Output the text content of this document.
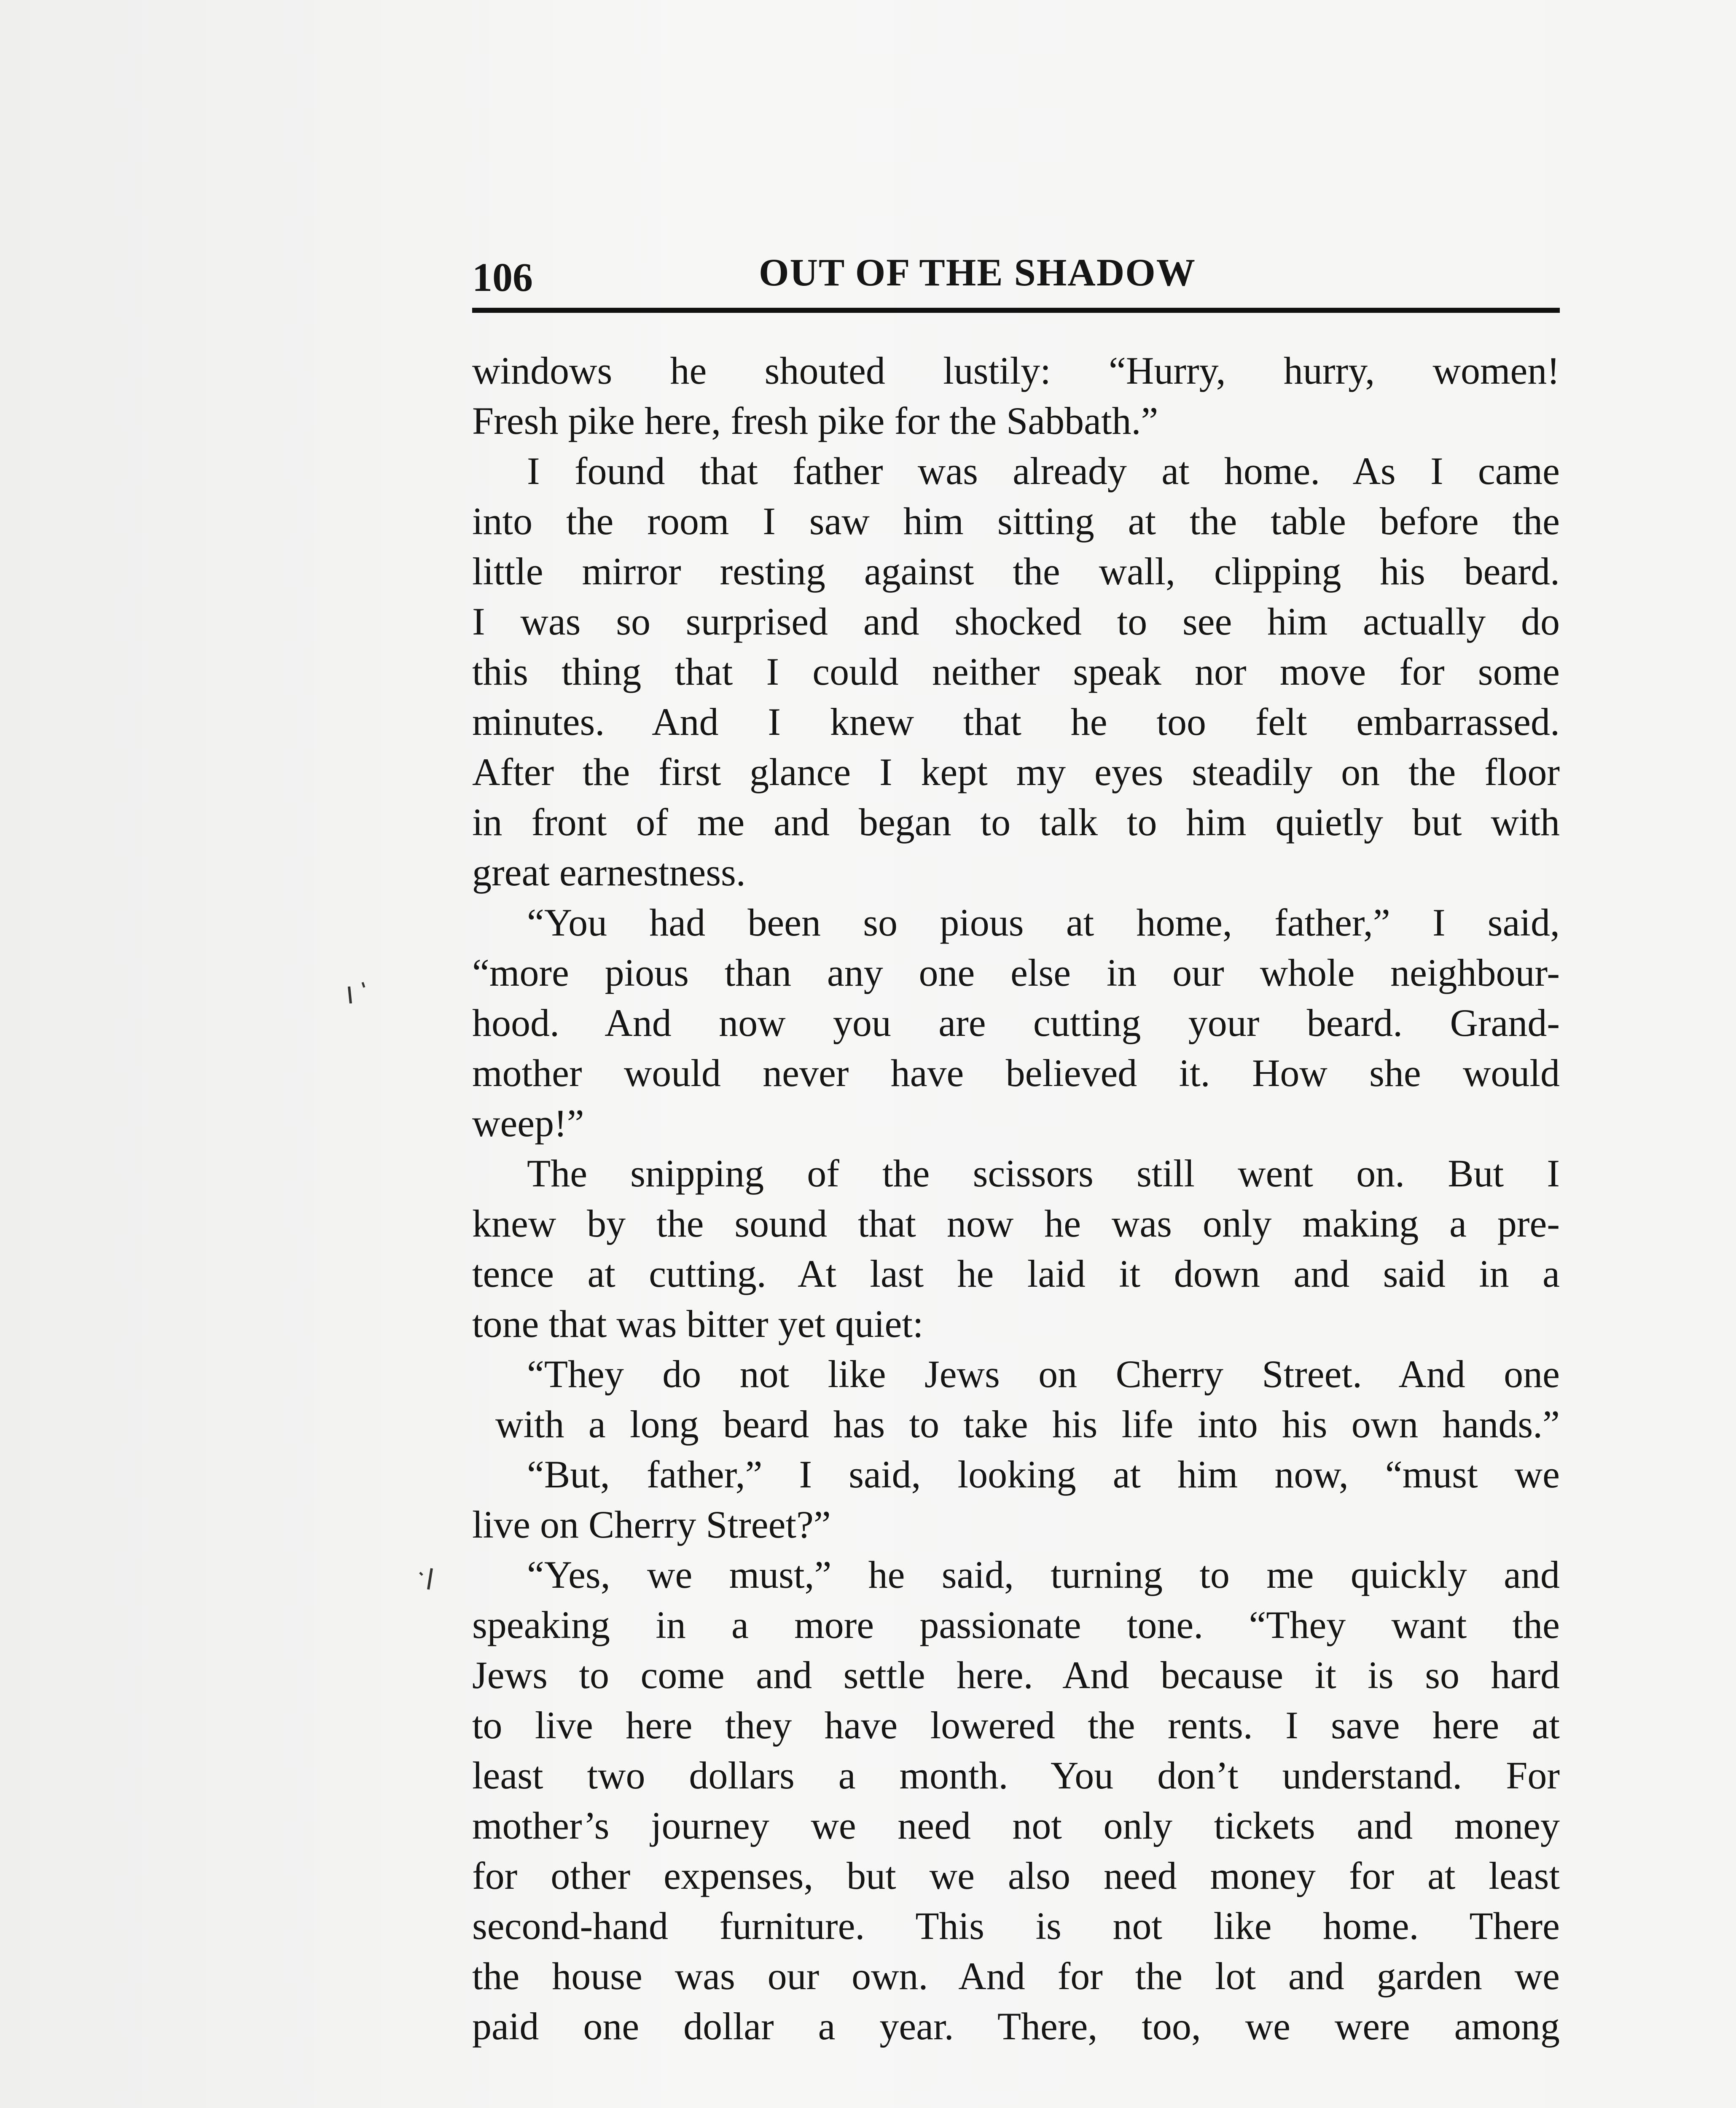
106	OUT OF THE SHADOW
windows he shouted lustily: “Hurry, hurry, women!
Fresh pike here, fresh pike for the Sabbath.”
I found that father was already at home. As I came
into the room I saw him sitting at the table before the
little mirror resting against the wall, clipping his beard.
I was so surprised and shocked to see him actually do
this thing that I could neither speak nor move for some
minutes. And I knew that he too felt embarrassed.
After the first glance I kept my eyes steadily on the floor
in front of me and began to talk to him quietly but with
great earnestness.
“You had been so pious at home, father,” I said,
“more pious than any one else in our whole neighbour-
hood. And now you are cutting your beard. Grand-
mother would never have believed it. How she would
weep!”
The snipping of the scissors still went on. But I
knew by the sound that now he was only making a pre-
tence at cutting. At last he laid it down and said in a
tone that was bitter yet quiet:
“They do not like Jews on Cherry Street. And one
with a long beard has to take his life into his own hands.”
“But, father,” I said, looking at him now, “must we
live on Cherry Street?”
“Yes, we must,” he said, turning to me quickly and
speaking in a more passionate tone. “They want the
Jews to come and settle here. And because it is so hard
to live here they have lowered the rents. I save here at
least two dollars a month. You don’t understand. For
mother’s journey we need not only tickets and money
for other expenses, but we also need money for at least
second-hand furniture. This is not like home. There
the house was our own. And for the lot and garden we
paid one dollar a year. There, too, we were among
